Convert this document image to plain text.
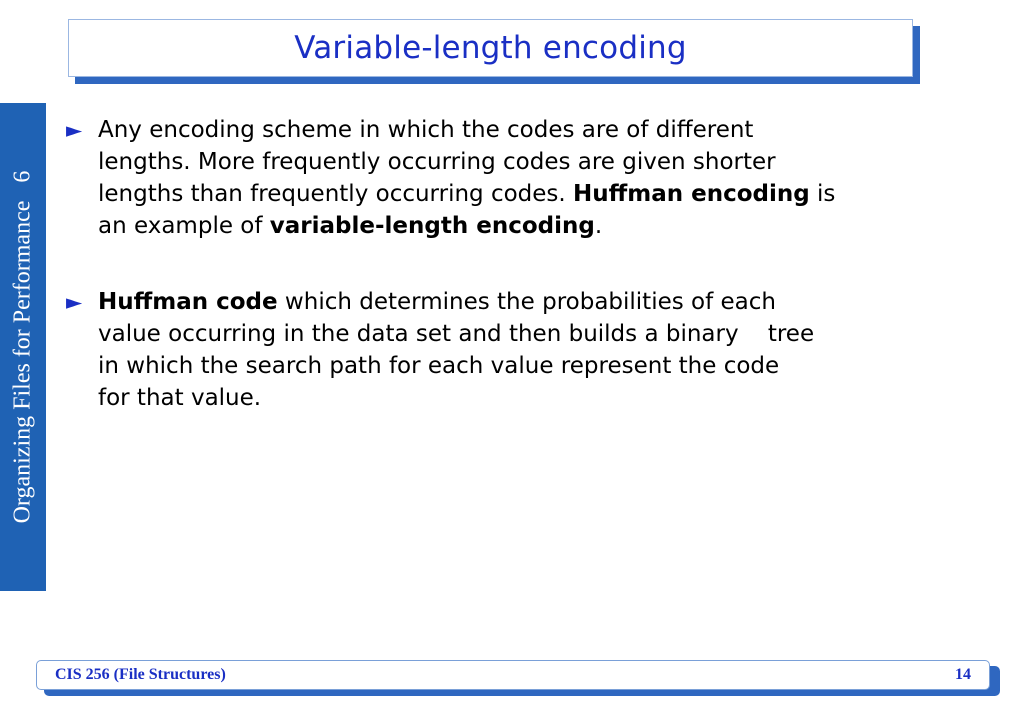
Variable-length encoding
Organizing Files for Performance   6

► Any encoding scheme in which the codes are of different
lengths. More frequently occurring codes are given shorter
lengths than frequently occurring codes. Huffman encoding is
an example of variable-length encoding.

► Huffman code which determines the probabilities of each
value occurring in the data set and then builds a binary    tree
in which the search path for each value represent the code
for that value.

CIS 256 (File Structures)	14
